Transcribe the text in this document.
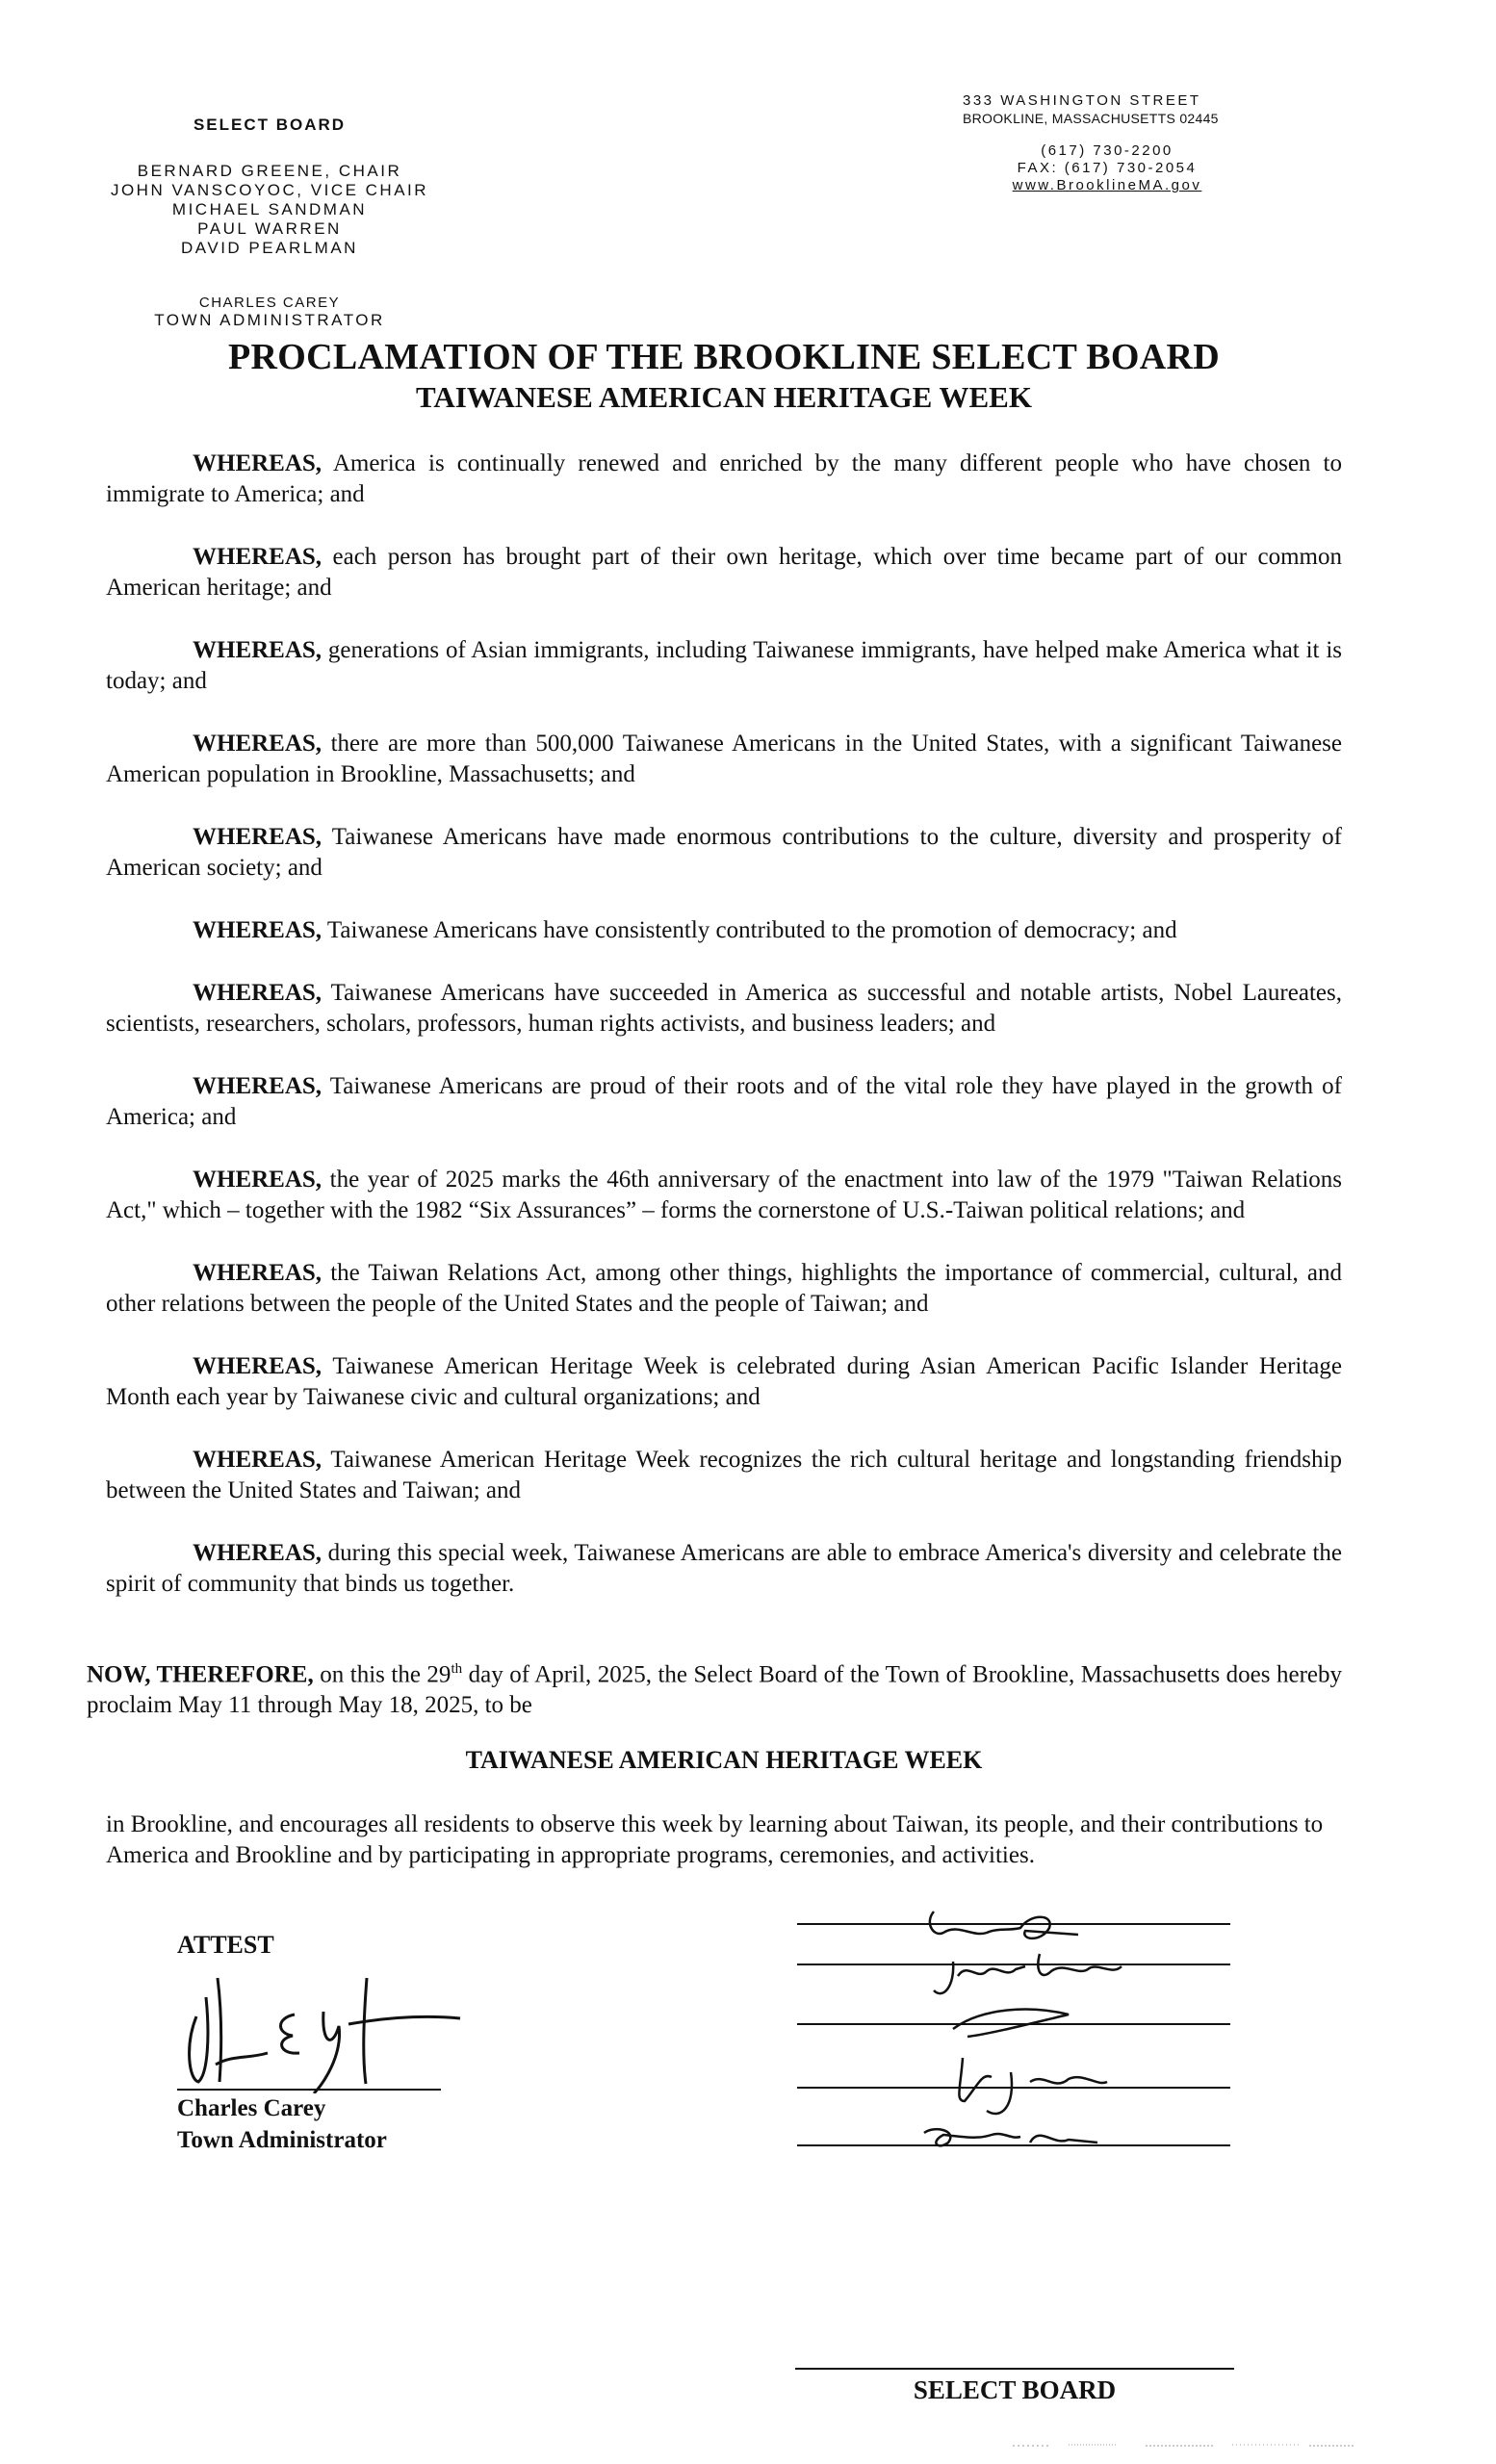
SELECT BOARD
BERNARD GREENE, CHAIR
JOHN VANSCOYOC, VICE CHAIR
MICHAEL SANDMAN
PAUL WARREN
DAVID PEARLMAN
CHARLES CAREY
TOWN ADMINISTRATOR
333 WASHINGTON STREET
BROOKLINE, MASSACHUSETTS 02445
(617) 730-2200
FAX: (617) 730-2054
www.BrooklineMA.gov
PROCLAMATION OF THE BROOKLINE SELECT BOARD
TAIWANESE AMERICAN HERITAGE WEEK

WHEREAS, America is continually renewed and enriched by the many different people who have chosen to immigrate to America; and

WHEREAS, each person has brought part of their own heritage, which over time became part of our common American heritage; and

WHEREAS, generations of Asian immigrants, including Taiwanese immigrants, have helped make America what it is today; and

WHEREAS, there are more than 500,000 Taiwanese Americans in the United States, with a significant Taiwanese American population in Brookline, Massachusetts; and

WHEREAS, Taiwanese Americans have made enormous contributions to the culture, diversity and prosperity of American society; and

WHEREAS, Taiwanese Americans have consistently contributed to the promotion of democracy; and

WHEREAS, Taiwanese Americans have succeeded in America as successful and notable artists, Nobel Laureates, scientists, researchers, scholars, professors, human rights activists, and business leaders; and

WHEREAS, Taiwanese Americans are proud of their roots and of the vital role they have played in the growth of America; and

WHEREAS, the year of 2025 marks the 46th anniversary of the enactment into law of the 1979 "Taiwan Relations Act," which – together with the 1982 “Six Assurances” – forms the cornerstone of U.S.-Taiwan political relations; and

WHEREAS, the Taiwan Relations Act, among other things, highlights the importance of commercial, cultural, and other relations between the people of the United States and the people of Taiwan; and

WHEREAS, Taiwanese American Heritage Week is celebrated during Asian American Pacific Islander Heritage Month each year by Taiwanese civic and cultural organizations; and

WHEREAS, Taiwanese American Heritage Week recognizes the rich cultural heritage and longstanding friendship between the United States and Taiwan; and

WHEREAS, during this special week, Taiwanese Americans are able to embrace America's diversity and celebrate the spirit of community that binds us together.

NOW, THEREFORE, on this the 29th day of April, 2025, the Select Board of the Town of Brookline, Massachusetts does hereby proclaim May 11 through May 18, 2025, to be
TAIWANESE AMERICAN HERITAGE WEEK
in Brookline, and encourages all residents to observe this week by learning about Taiwan, its people, and their contributions to America and Brookline and by participating in appropriate programs, ceremonies, and activities.
ATTEST
Charles Carey
Town Administrator
SELECT BOARD
